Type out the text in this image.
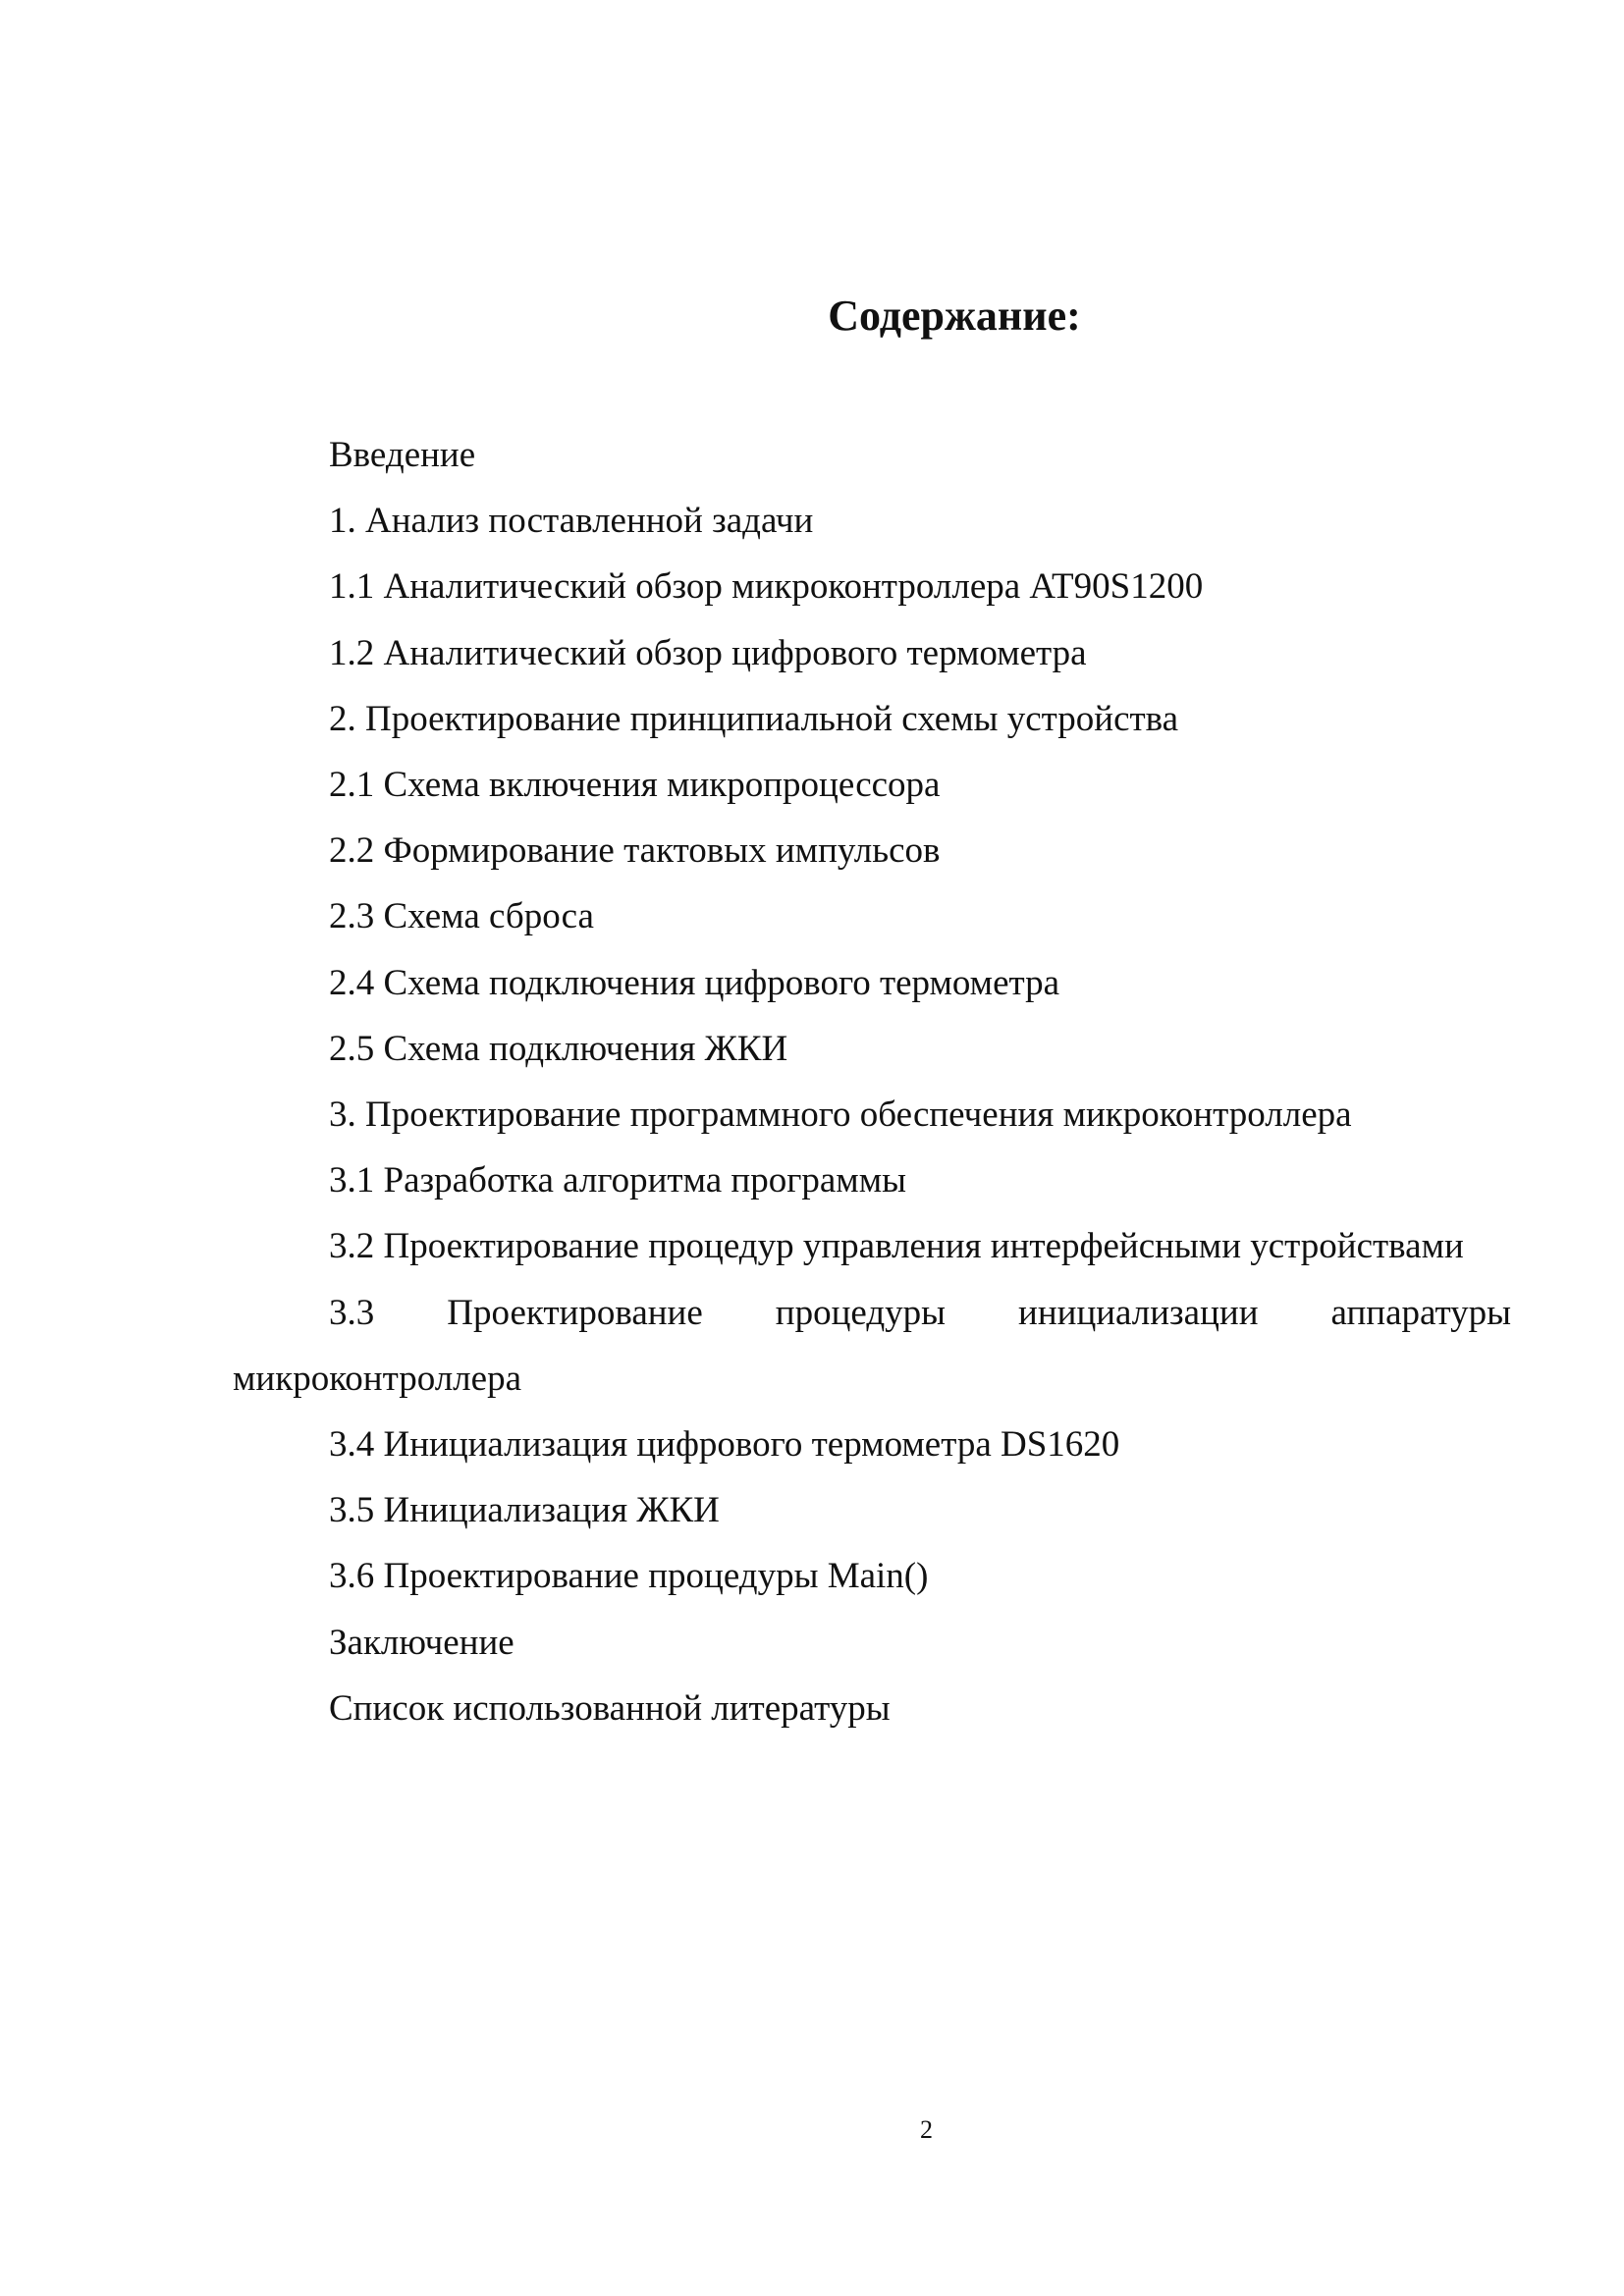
Содержание:
Введение
1. Анализ поставленной задачи
1.1 Аналитический обзор микроконтроллера AT90S1200
1.2 Аналитический обзор цифрового термометра
2. Проектирование принципиальной схемы устройства
2.1 Схема включения микропроцессора
2.2 Формирование тактовых импульсов
2.3 Схема сброса
2.4 Схема подключения цифрового термометра
2.5 Схема подключения ЖКИ
3. Проектирование программного обеспечения микроконтроллера
3.1 Разработка алгоритма программы
3.2 Проектирование процедур управления интерфейсными устройствами
3.3 Проектирование процедуры инициализации аппаратуры микроконтроллера
3.4 Инициализация цифрового термометра DS1620
3.5 Инициализация ЖКИ
3.6 Проектирование процедуры Main()
Заключение
Список использованной литературы
2
